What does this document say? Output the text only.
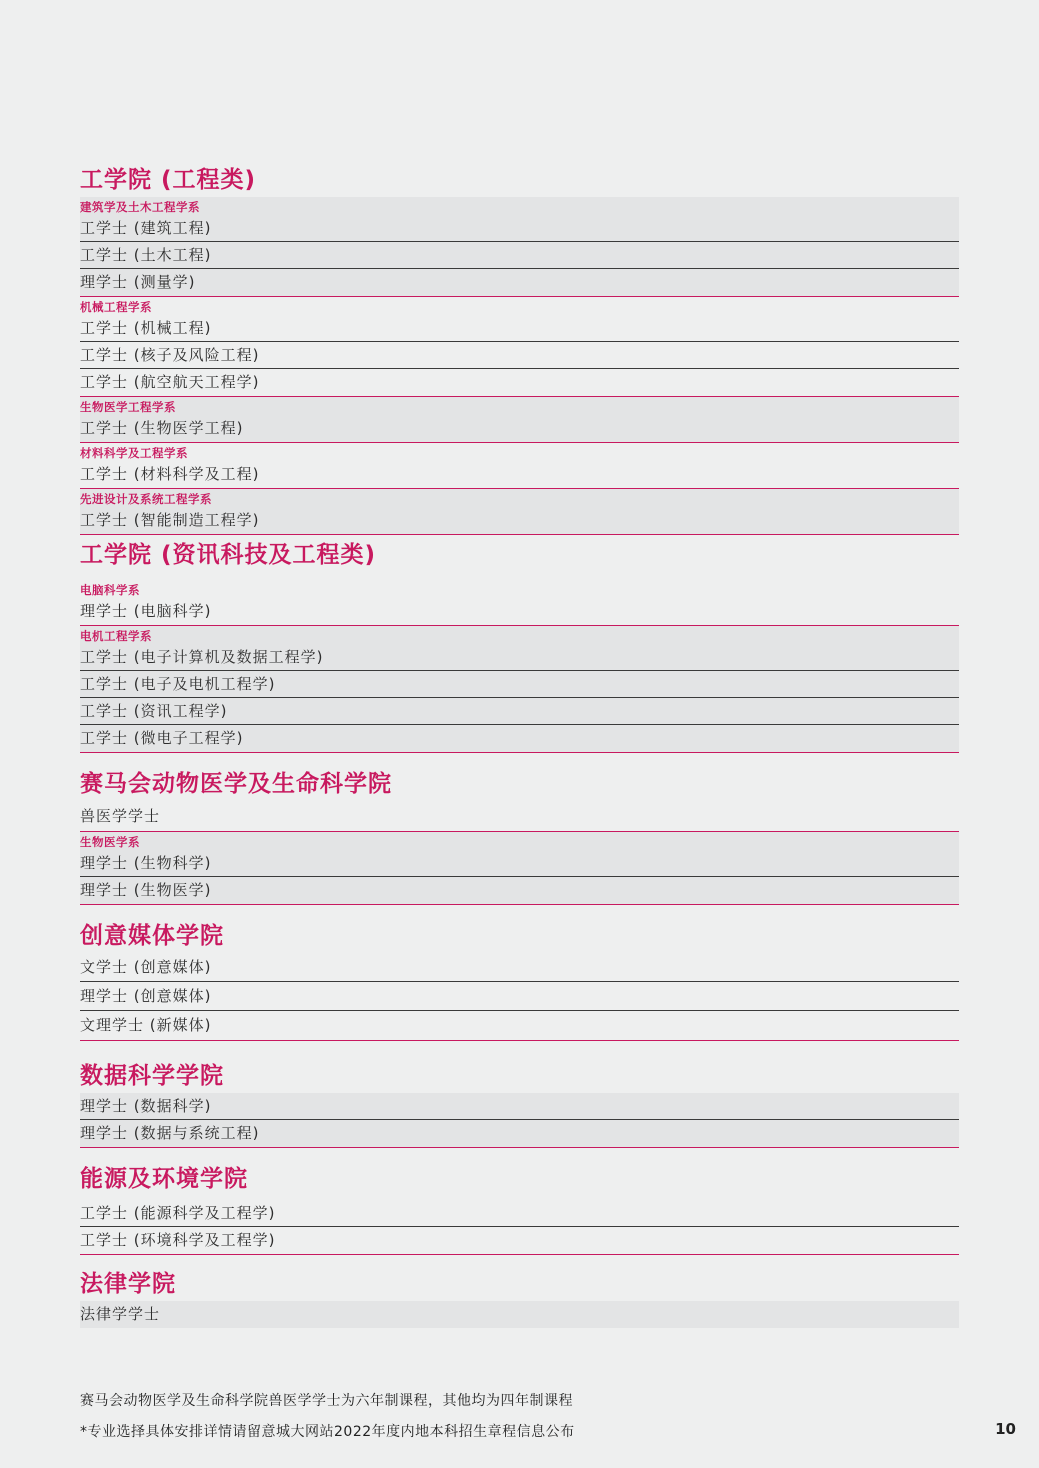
工学院 (工程类)
建筑学及土木工程学系
工学士 (建筑工程)
工学士 (土木工程)
理学士 (测量学)
机械工程学系
工学士 (机械工程)
工学士 (核子及风险工程)
工学士 (航空航天工程学)
生物医学工程学系
工学士 (生物医学工程)
材料科学及工程学系
工学士 (材料科学及工程)
先进设计及系统工程学系
工学士 (智能制造工程学)
工学院 (资讯科技及工程类)
电脑科学系
理学士 (电脑科学)
电机工程学系
工学士 (电子计算机及数据工程学)
工学士 (电子及电机工程学)
工学士 (资讯工程学)
工学士 (微电子工程学)
赛马会动物医学及生命科学院
兽医学学士
生物医学系
理学士 (生物科学)
理学士 (生物医学)
创意媒体学院
文学士 (创意媒体)
理学士 (创意媒体)
文理学士 (新媒体)
数据科学学院
理学士 (数据科学)
理学士 (数据与系统工程)
能源及环境学院
工学士 (能源科学及工程学)
工学士 (环境科学及工程学)
法律学院
法律学学士
赛马会动物医学及生命科学院兽医学学士为六年制课程，其他均为四年制课程
*专业选择具体安排详情请留意城大网站2022年度内地本科招生章程信息公布	10
